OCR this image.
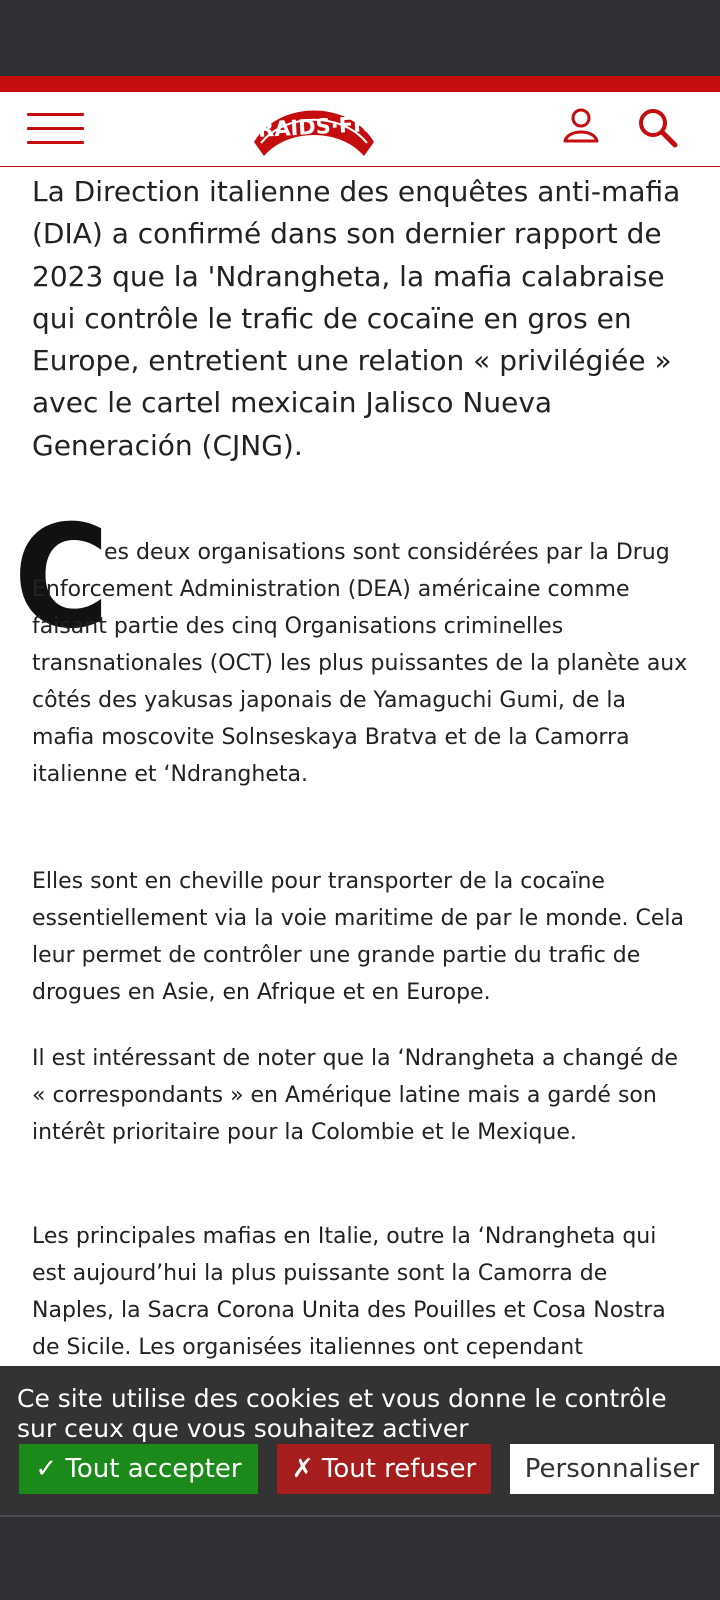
RAIDS·FR

La Direction italienne des enquêtes anti-mafia (DIA) a confirmé dans son dernier rapport de 2023 que la 'Ndrangheta, la mafia calabraise qui contrôle le trafic de cocaïne en gros en Europe, entretient une relation « privilégiée » avec le cartel mexicain Jalisco Nueva Generación (CJNG).

C

es deux organisations sont considérées par la Drug Enforcement Administration (DEA) américaine comme faisant partie des cinq Organisations criminelles transnationales (OCT) les plus puissantes de la planète aux côtés des yakusas japonais de Yamaguchi Gumi, de la mafia moscovite Solnseskaya Bratva et de la Camorra italienne et ‘Ndrangheta.

Elles sont en cheville pour transporter de la cocaïne essentiellement via la voie maritime de par le monde. Cela leur permet de contrôler une grande partie du trafic de drogues en Asie, en Afrique et en Europe.

Il est intéressant de noter que la ‘Ndrangheta a changé de « correspondants » en Amérique latine mais a gardé son intérêt prioritaire pour la Colombie et le Mexique.

Les principales mafias en Italie, outre la ‘Ndrangheta qui est aujourd’hui la plus puissante sont la Camorra de Naples, la Sacra Corona Unita des Pouilles et Cosa Nostra de Sicile. Les organisées italiennes ont cependant

Ce site utilise des cookies et vous donne le contrôle sur ceux que vous souhaitez activer

✓ Tout accepter	✗ Tout refuser	Personnaliser
